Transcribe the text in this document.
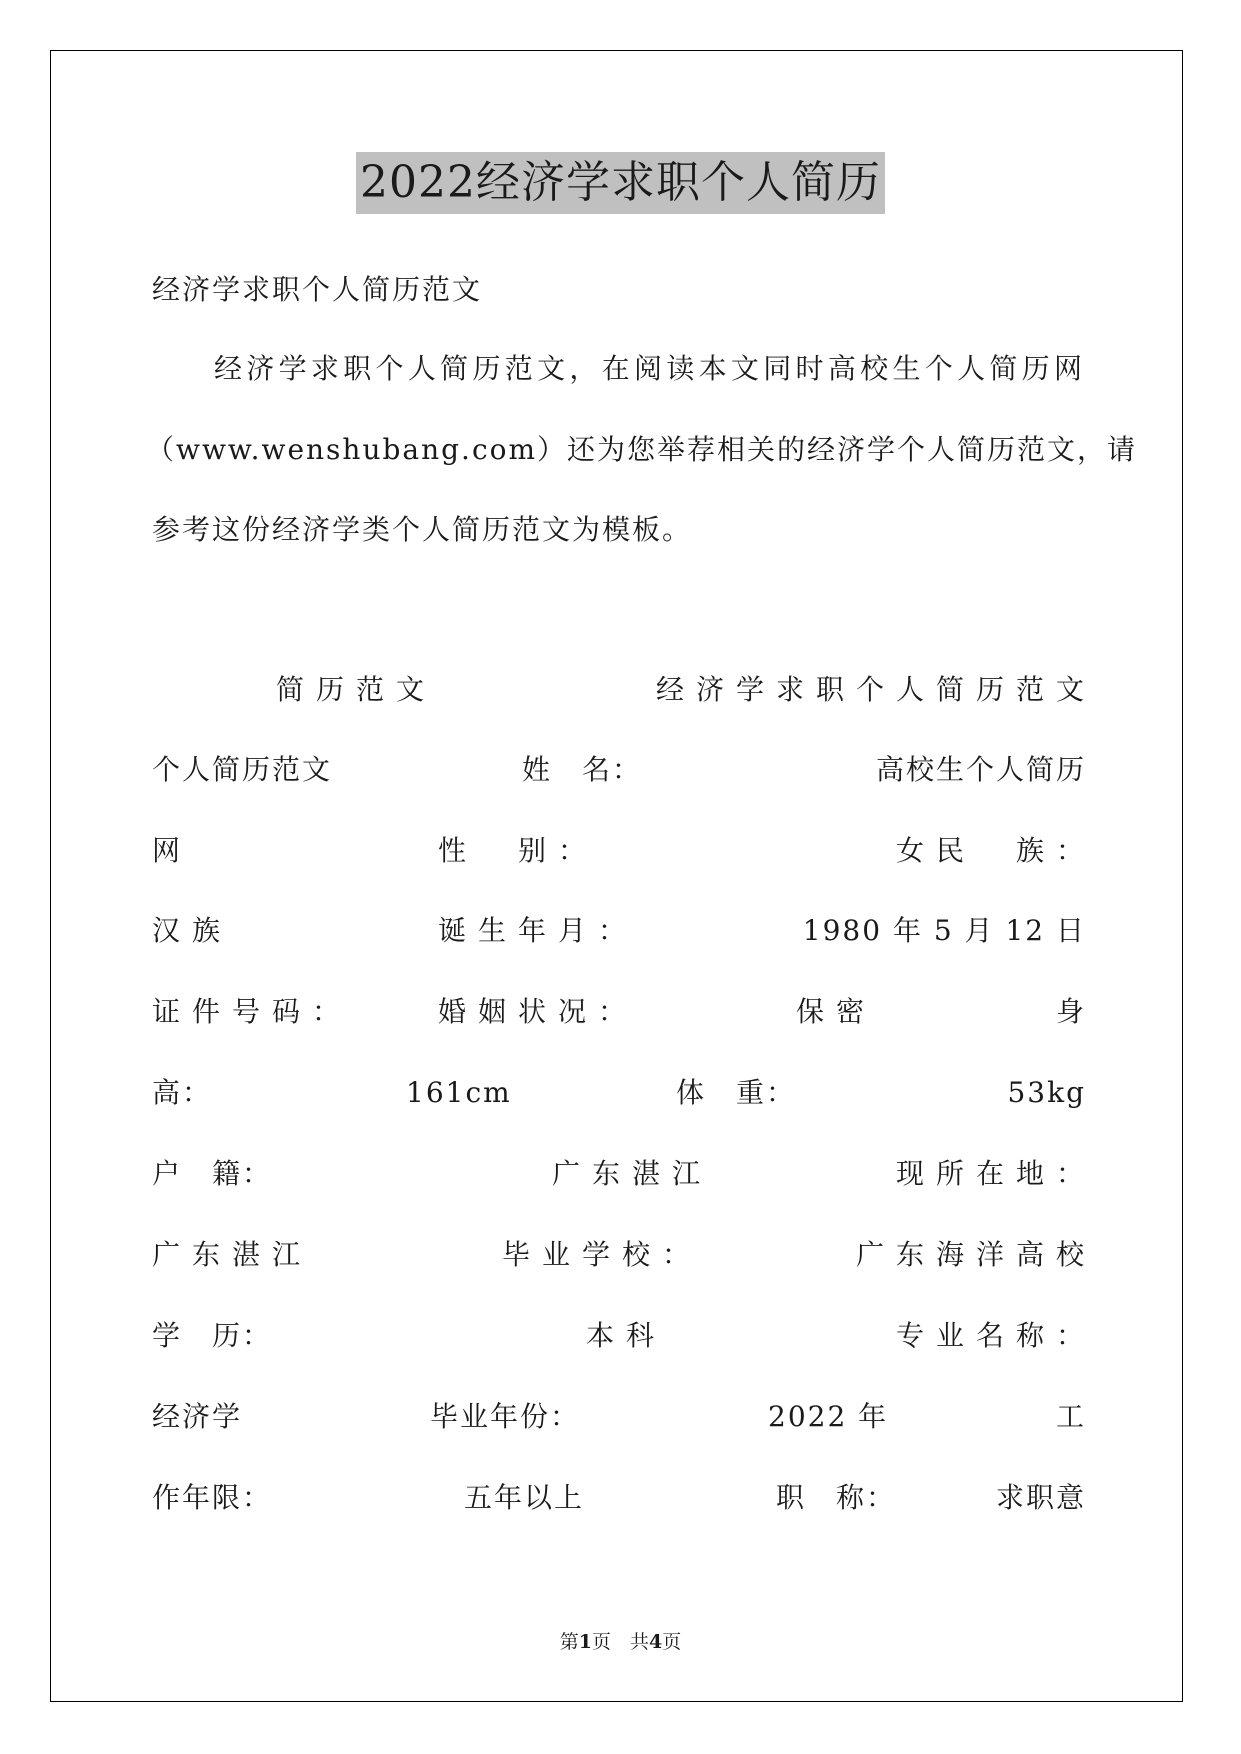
2022经济学求职个人简历
经济学求职个人简历范文
经济学求职个人简历范文，在阅读本文同时高校生个人简历网
（www.wenshubang.com）还为您举荐相关的经济学个人简历范文，请
参考这份经济学类个人简历范文为模板。
简历范文	经济学求职个人简历范文
个人简历范文	姓　名：	高校生个人简历
网	性　别：	女民　族：
汉族	诞生年月：	1980 年 5 月 12 日
证件号码：	婚姻状况：	保密	身
高：	161cm	体　重：	53kg
户　籍：	广东湛江	现所在地：
广东湛江	毕业学校：	广东海洋高校
学　历：	本科	专业名称：
经济学	毕业年份：	2022 年	工
作年限：	五年以上	职　称：	求职意
第1页　共4页
